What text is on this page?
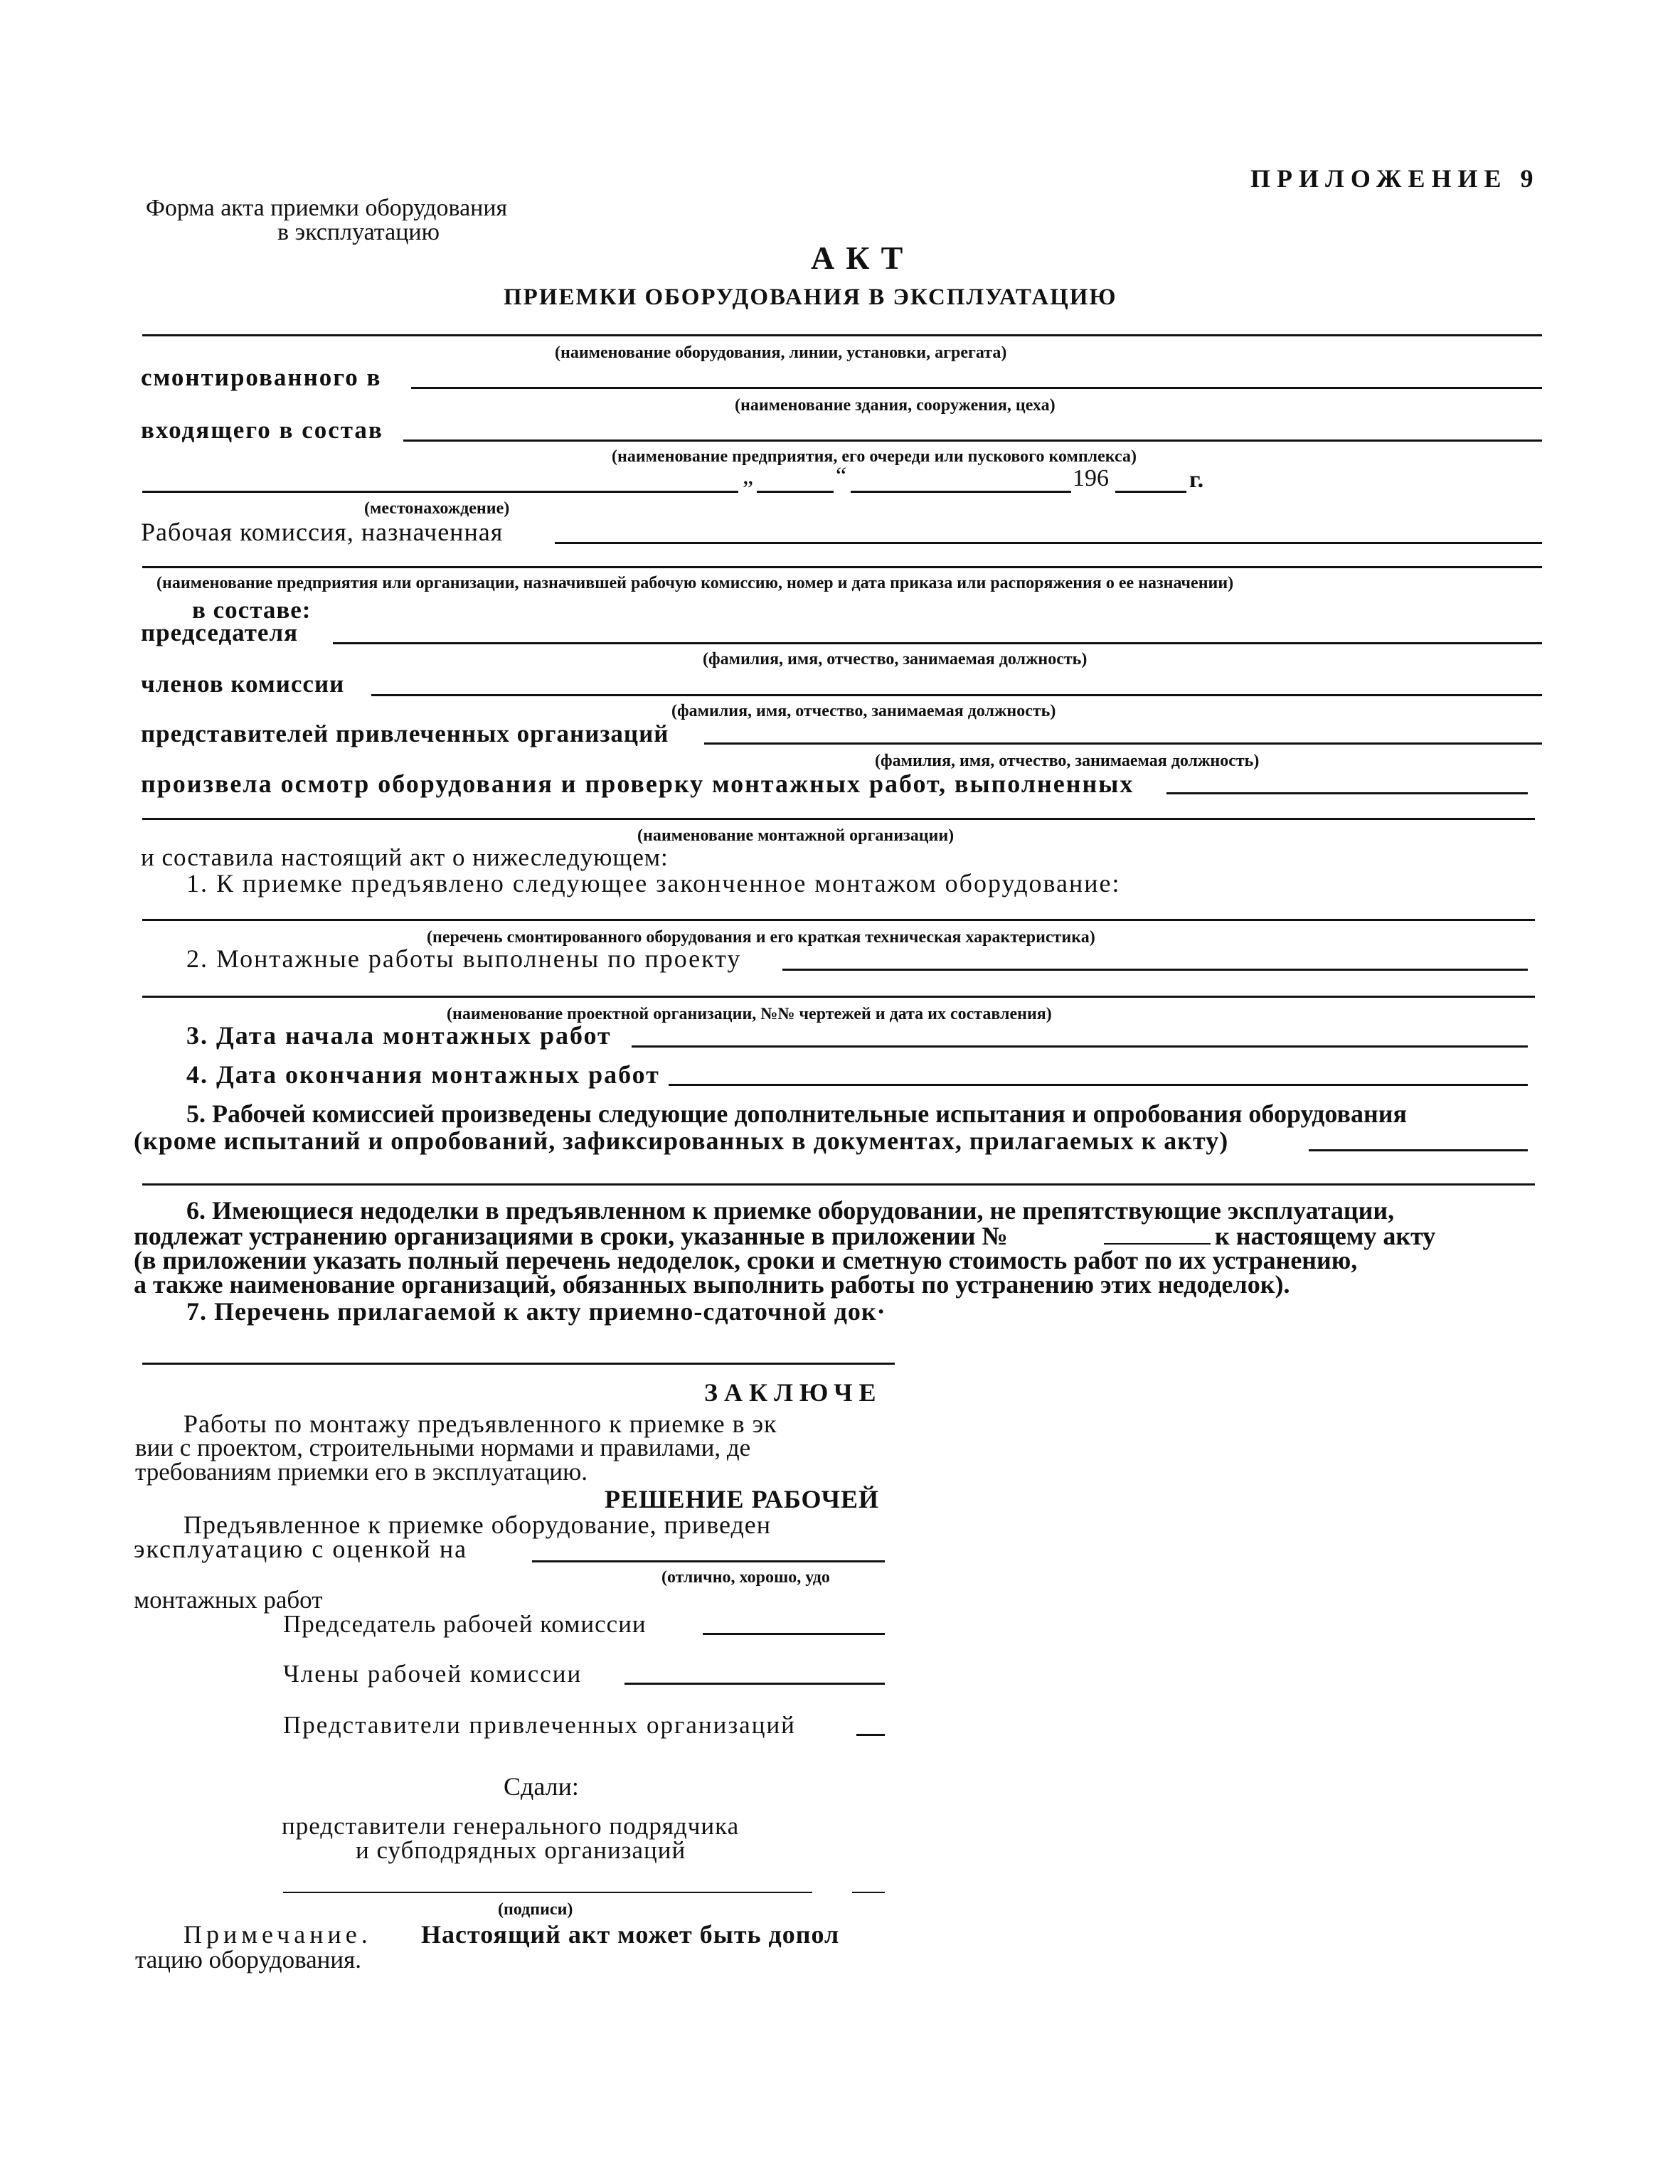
ПРИЛОЖЕНИЕ 9
Форма акта приемки оборудования
в эксплуатацию
АКТ
ПРИЕМКИ ОБОРУДОВАНИЯ В ЭКСПЛУАТАЦИЮ
(наименование оборудования, линии, установки, агрегата)
смонтированного в
(наименование здания, сооружения, цеха)
входящего в состав
(наименование предприятия, его очереди или пускового комплекса)
„	“	196	г.
(местонахождение)
Рабочая комиссия, назначенная
(наименование предприятия или организации, назначившей рабочую комиссию, номер и дата приказа или распоряжения о ее назначении)
в составе:
председателя
(фамилия, имя, отчество, занимаемая должность)
членов комиссии
(фамилия, имя, отчество, занимаемая должность)
представителей привлеченных организаций
(фамилия, имя, отчество, занимаемая должность)
произвела осмотр оборудования и проверку монтажных работ, выполненных
(наименование монтажной организации)
и составила настоящий акт о нижеследующем:
1. К приемке предъявлено следующее законченное монтажом оборудование:
(перечень смонтированного оборудования и его краткая техническая характеристика)
2. Монтажные работы выполнены по проекту
(наименование проектной организации, №№ чертежей и дата их составления)
3. Дата начала монтажных работ
4. Дата окончания монтажных работ
5. Рабочей комиссией произведены следующие дополнительные испытания и опробования оборудования
(кроме испытаний и опробований, зафиксированных в документах, прилагаемых к акту)
6. Имеющиеся недоделки в предъявленном к приемке оборудовании, не препятствующие эксплуатации,
подлежат устранению организациями в сроки, указанные в приложении №	к настоящему акту
(в приложении указать полный перечень недоделок, сроки и сметную стоимость работ по их устранению,
а также наименование организаций, обязанных выполнить работы по устранению этих недоделок).
7. Перечень прилагаемой к акту приемно-сдаточной док·
ЗАКЛЮЧЕ
Работы по монтажу предъявленного к приемке в эк
вии с проектом, строительными нормами и правилами, де
требованиям приемки его в эксплуатацию.
РЕШЕНИЕ РАБОЧЕЙ
Предъявленное к приемке оборудование, приведен
эксплуатацию с оценкой на
(отлично, хорошо, удо
монтажных работ
Председатель рабочей комиссии
Члены рабочей комиссии
Представители привлеченных организаций
Сдали:
представители генерального подрядчика
и субподрядных организаций
(подписи)
Примечание. Настоящий акт может быть допол
тацию оборудования.
